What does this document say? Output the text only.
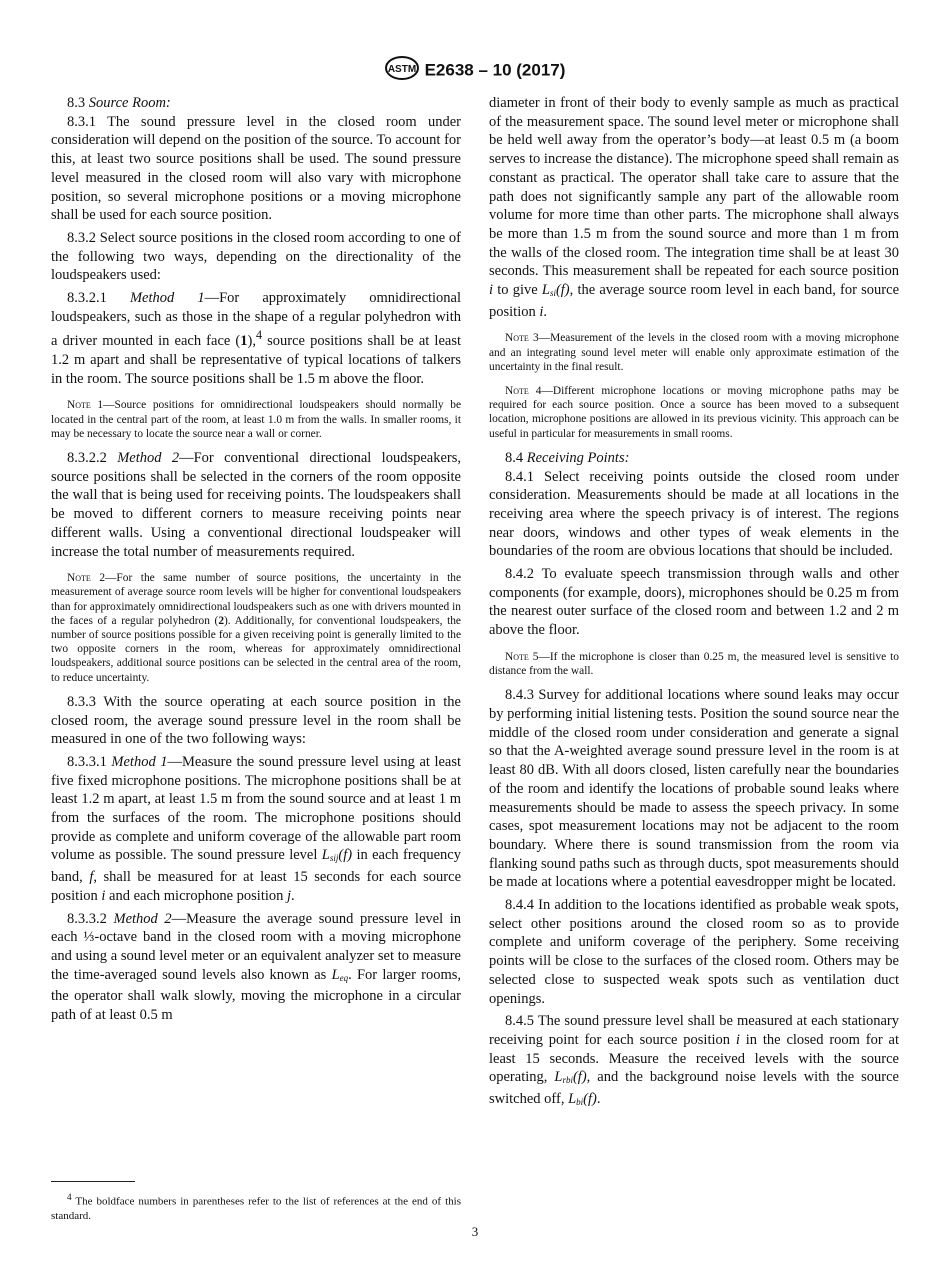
ASTM E2638 – 10 (2017)

8.3 Source Room:

8.3.1 The sound pressure level in the closed room under consideration will depend on the position of the source. To account for this, at least two source positions shall be used. The sound pressure level measured in the closed room will also vary with microphone position, so several microphone positions or a moving microphone shall be used for each source position.

8.3.2 Select source positions in the closed room according to one of the following two ways, depending on the directionality of the loudspeakers used:

8.3.2.1 Method 1—For approximately omnidirectional loudspeakers, such as those in the shape of a regular polyhedron with a driver mounted in each face (1),$^4$ source positions shall be at least 1.2 m apart and shall be representative of typical locations of talkers in the room. The source positions shall be 1.5 m above the floor.

Note 1—Source positions for omnidirectional loudspeakers should normally be located in the central part of the room, at least 1.0 m from the walls. In smaller rooms, it may be necessary to locate the source near a wall or corner.

8.3.2.2 Method 2—For conventional directional loudspeakers, source positions shall be selected in the corners of the room opposite the wall that is being used for receiving points. The loudspeakers shall be moved to different corners to measure receiving points near different walls. Using a conventional directional loudspeaker will increase the total number of measurements required.

Note 2—For the same number of source positions, the uncertainty in the measurement of average source room levels will be higher for conventional loudspeakers than for approximately omnidirectional loudspeakers such as one with drivers mounted in the faces of a regular polyhedron (2). Additionally, for conventional loudspeakers, the number of source positions possible for a given receiving point is generally limited to the two opposite corners in the room, whereas for approximately omnidirectional loudspeakers, additional source positions can be selected in the central area of the room, to reduce uncertainty.

8.3.3 With the source operating at each source position in the closed room, the average sound pressure level in the room shall be measured in one of the two following ways:

8.3.3.1 Method 1—Measure the sound pressure level using at least five fixed microphone positions. The microphone positions shall be at least 1.2 m apart, at least 1.5 m from the sound source and at least 1 m from the surfaces of the room. The microphone positions should provide as complete and uniform coverage of the allowable part room volume as possible. The sound pressure level $L_{sij}(f)$ in each frequency band, f, shall be measured for at least 15 seconds for each source position i and each microphone position j.

8.3.3.2 Method 2—Measure the average sound pressure level in each ⅓-octave band in the closed room with a moving microphone and using a sound level meter or an equivalent analyzer set to measure the time-averaged sound levels also known as $L_{eq}$. For larger rooms, the operator shall walk slowly, moving the microphone in a circular path of at least 0.5 m

diameter in front of their body to evenly sample as much as practical of the measurement space. The sound level meter or microphone shall be held well away from the operator’s body—at least 0.5 m (a boom serves to increase the distance). The microphone speed shall remain as constant as practical. The operator shall take care to assure that the path does not significantly sample any part of the allowable room volume for more time than other parts. The microphone shall always be more than 1.5 m from the sound source and more than 1 m from the walls of the closed room. The integration time shall be at least 30 seconds. This measurement shall be repeated for each source position i to give $L_{si}(f)$, the average source room level in each band, for source position i.

Note 3—Measurement of the levels in the closed room with a moving microphone and an integrating sound level meter will enable only approximate estimation of the uncertainty in the final result.

Note 4—Different microphone locations or moving microphone paths may be required for each source position. Once a source has been moved to a subsequent location, microphone positions are allowed in its previous vicinity. This approach can be useful in particular for measurements in small rooms.

8.4 Receiving Points:

8.4.1 Select receiving points outside the closed room under consideration. Measurements should be made at all locations in the receiving area where the speech privacy is of interest. The regions near doors, windows and other types of weak elements in the boundaries of the room are obvious locations that should be included.

8.4.2 To evaluate speech transmission through walls and other components (for example, doors), microphones should be 0.25 m from the nearest outer surface of the closed room and between 1.2 and 2 m above the floor.

Note 5—If the microphone is closer than 0.25 m, the measured level is sensitive to distance from the wall.

8.4.3 Survey for additional locations where sound leaks may occur by performing initial listening tests. Position the sound source near the middle of the closed room under consideration and generate a signal so that the A-weighted average sound pressure level in the room is at least 80 dB. With all doors closed, listen carefully near the boundaries of the room and identify the locations of probable sound leaks where measurements should be made to assess the speech privacy. In some cases, spot measurement locations may not be adjacent to the room boundary. Where there is sound transmission from the room via flanking sound paths such as through ducts, spot measurements should be made at locations where a potential eavesdropper might be located.

8.4.4 In addition to the locations identified as probable weak spots, select other positions around the closed room so as to provide complete and uniform coverage of the periphery. Some receiving points will be close to the surfaces of the closed room. Others may be selected close to suspected weak spots such as ventilation duct openings.

8.4.5 The sound pressure level shall be measured at each stationary receiving point for each source position i in the closed room for at least 15 seconds. Measure the received levels with the source operating, $L_{rbi}(f)$, and the background noise levels with the source switched off, $L_{bi}(f)$.

$^4$ The boldface numbers in parentheses refer to the list of references at the end of this standard.
3
